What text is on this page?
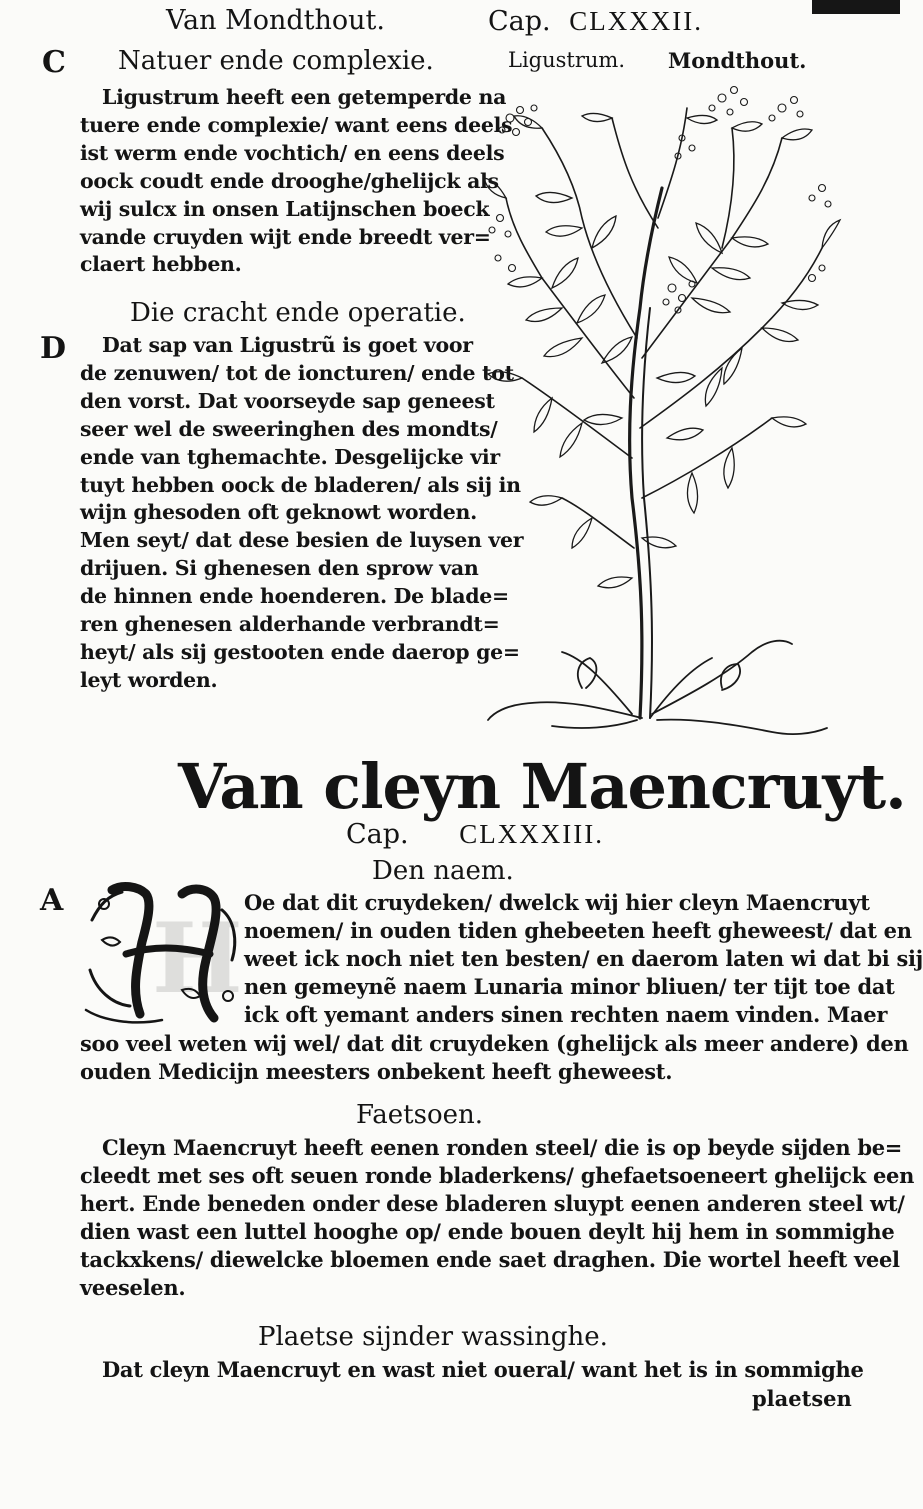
Van Mondthout.	Cap. CLXXXII.
C Natuer ende complexie.	Ligustrum. Mondthout.

Ligustrum heeft een getemperde na

tuere ende complexie/ want eens deels

ist werm ende vochtich/ en eens deels

oock coudt ende drooghe/ghelijck als

wij sulcx in onsen Latijnschen boeck

vande cruyden wijt ende breedt ver=

claert hebben.

Die cracht ende operatie.
D	Dat sap van Ligustrũ is goet voor

de zenuwen/ tot de ioncturen/ ende tot

den vorst. Dat voorseyde sap geneest

seer wel de sweeringhen des mondts/

ende van tghemachte. Desgelijcke vir

tuyt hebben oock de bladeren/ als sij in

wijn ghesoden oft geknowt worden.

Men seyt/ dat dese besien de luysen ver

drijuen. Si ghenesen den sprow van

de hinnen ende hoenderen. De blade=

ren ghenesen alderhande verbrandt=

heyt/ als sij gestooten ende daerop ge=

leyt worden.

Van cleyn Maencruyt.
Cap. CLXXXIII.
Den naem.
A
H Oe dat dit cruydeken/ dwelck wij hier cleyn Maencruyt

noemen/ in ouden tiden ghebeeten heeft gheweest/ dat en

weet ick noch niet ten besten/ en daerom laten wi dat bi sij

nen gemeynẽ naem Lunaria minor bliuen/ ter tijt toe dat

ick oft yemant anders sinen rechten naem vinden. Maer

soo veel weten wij wel/ dat dit cruydeken (ghelijck als meer andere) den

ouden Medicijn meesters onbekent heeft gheweest.

Faetsoen.

Cleyn Maencruyt heeft eenen ronden steel/ die is op beyde sijden be=

cleedt met ses oft seuen ronde bladerkens/ ghefaetsoeneert ghelijck een

hert. Ende beneden onder dese bladeren sluypt eenen anderen steel wt/

dien wast een luttel hooghe op/ ende bouen deylt hij hem in sommighe

tackxkens/ diewelcke bloemen ende saet draghen. Die wortel heeft veel

veeselen.

Plaetse sijnder wassinghe.

Dat cleyn Maencruyt en wast niet oueral/ want het is in sommighe

plaetsen
